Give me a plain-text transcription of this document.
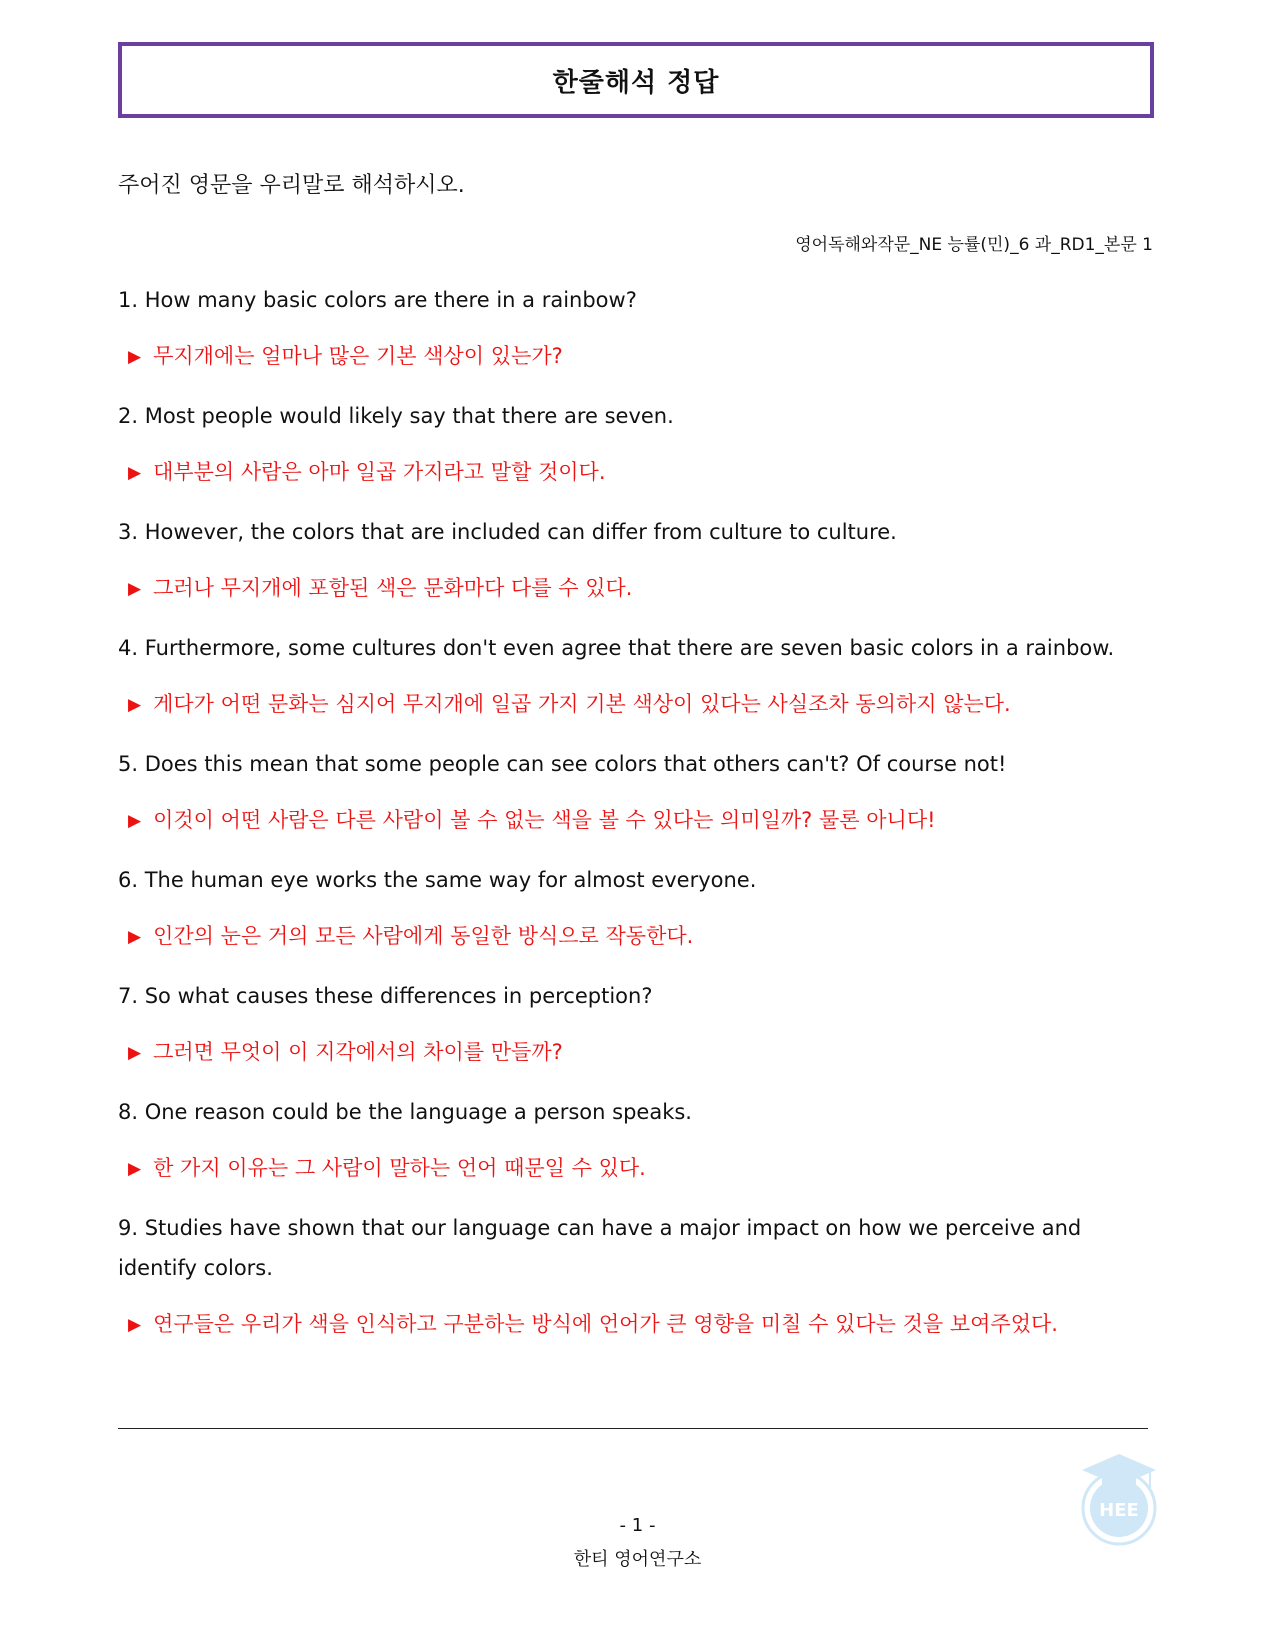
한줄해석 정답
주어진 영문을 우리말로 해석하시오.
영어독해와작문_NE 능률(민)_6 과_RD1_본문 1
1. How many basic colors are there in a rainbow?
▶ 무지개에는 얼마나 많은 기본 색상이 있는가?
2. Most people would likely say that there are seven.
▶ 대부분의 사람은 아마 일곱 가지라고 말할 것이다.
3. However, the colors that are included can differ from culture to culture.
▶ 그러나 무지개에 포함된 색은 문화마다 다를 수 있다.
4. Furthermore, some cultures don't even agree that there are seven basic colors in a rainbow.
▶ 게다가 어떤 문화는 심지어 무지개에 일곱 가지 기본 색상이 있다는 사실조차 동의하지 않는다.
5. Does this mean that some people can see colors that others can't? Of course not!
▶ 이것이 어떤 사람은 다른 사람이 볼 수 없는 색을 볼 수 있다는 의미일까? 물론 아니다!
6. The human eye works the same way for almost everyone.
▶ 인간의 눈은 거의 모든 사람에게 동일한 방식으로 작동한다.
7. So what causes these differences in perception?
▶ 그러면 무엇이 이 지각에서의 차이를 만들까?
8. One reason could be the language a person speaks.
▶ 한 가지 이유는 그 사람이 말하는 언어 때문일 수 있다.
9. Studies have shown that our language can have a major impact on how we perceive and identify colors.
▶ 연구들은 우리가 색을 인식하고 구분하는 방식에 언어가 큰 영향을 미칠 수 있다는 것을 보여주었다.
HEE
- 1 -
한티 영어연구소
